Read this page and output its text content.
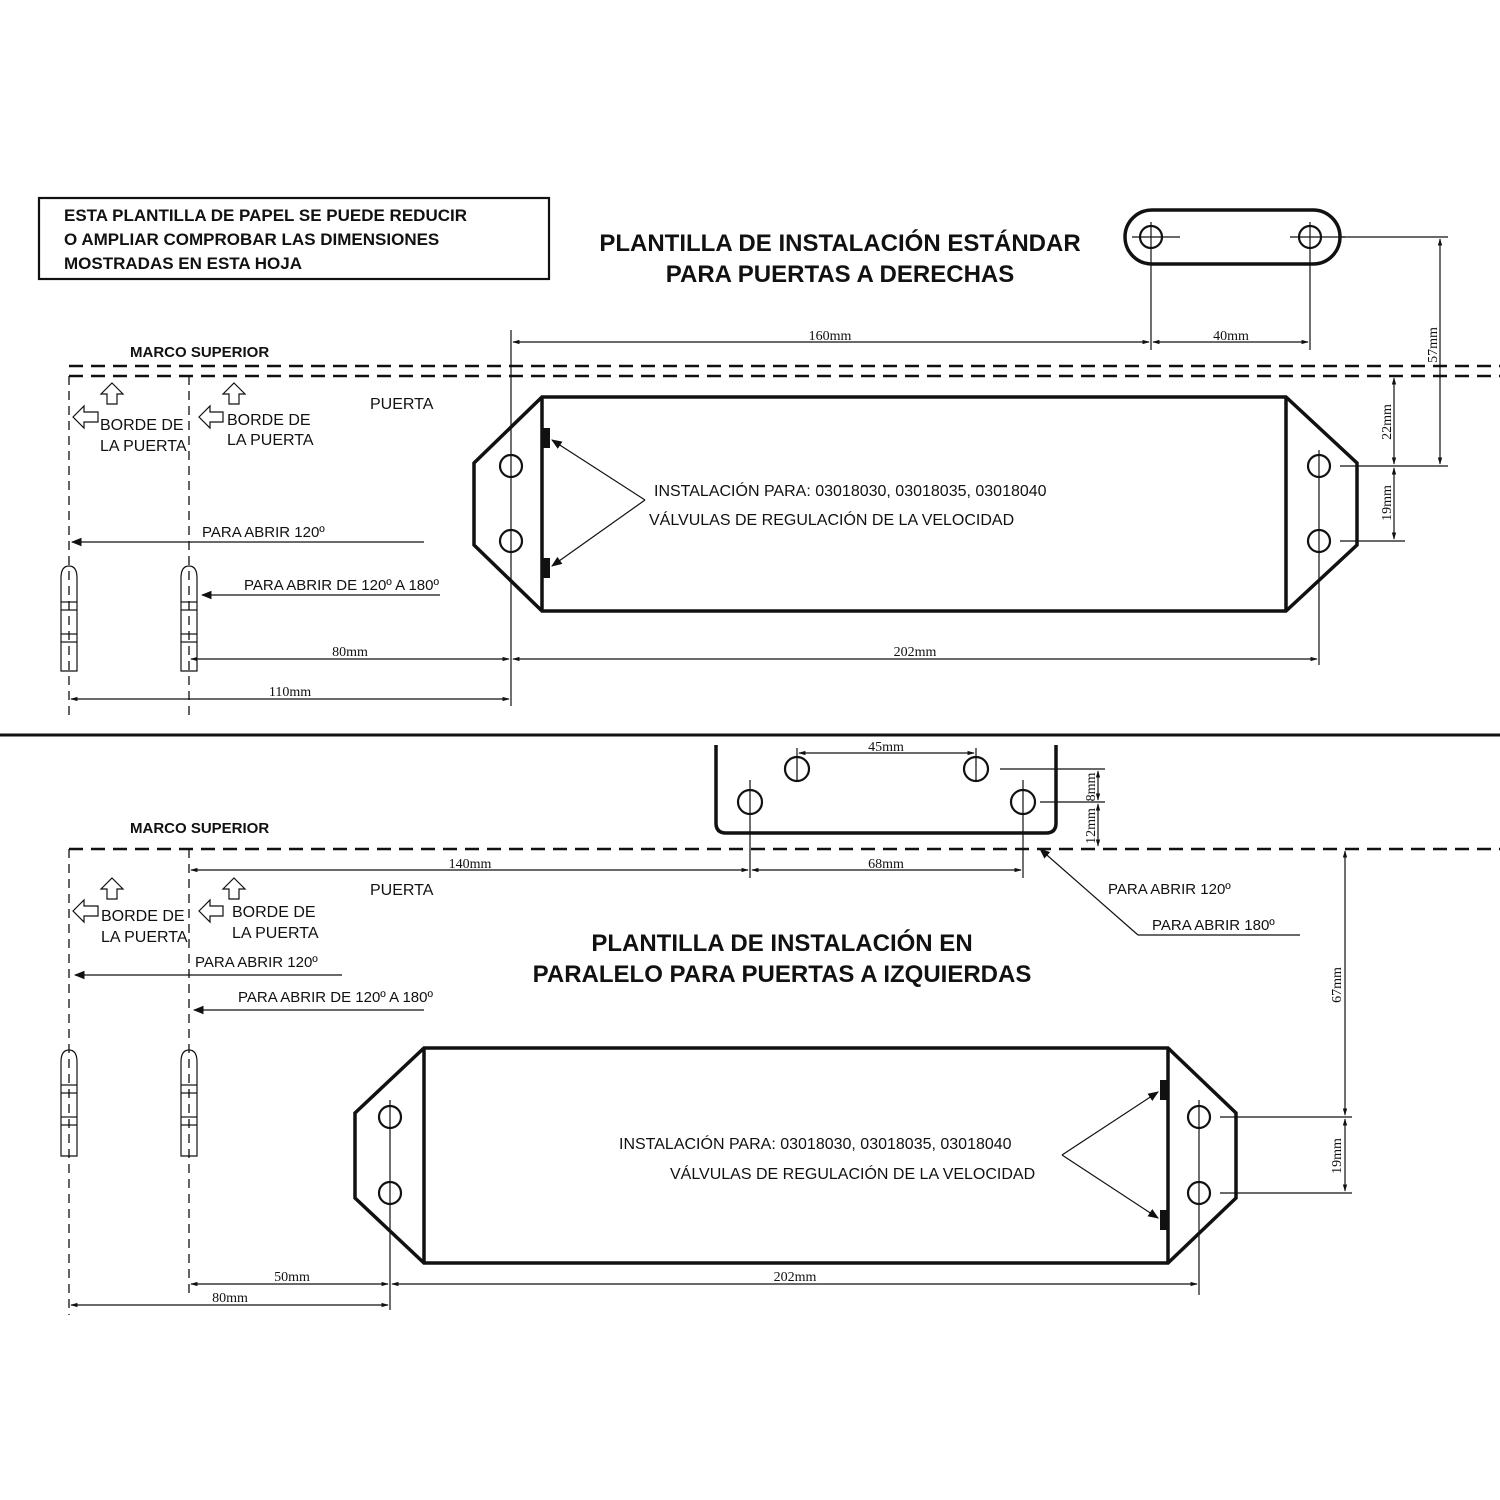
ESTA PLANTILLA DE PAPEL SE PUEDE REDUCIR
O AMPLIAR COMPROBAR LAS DIMENSIONES
MOSTRADAS EN ESTA HOJA
PLANTILLA DE INSTALACIÓN ESTÁNDAR
PARA PUERTAS A DERECHAS
MARCO SUPERIOR
BORDE DE
LA PUERTA
BORDE DE
LA PUERTA
PUERTA
PARA ABRIR 120º
PARA ABRIR DE 120º A 180º
INSTALACIÓN PARA: 03018030, 03018035, 03018040
VÁLVULAS DE REGULACIÓN DE LA VELOCIDAD
160mm	40mm	57mm
22mm
19mm
80mm	202mm
110mm
45mm
8mm
12mm
MARCO SUPERIOR
140mm	68mm
PARA ABRIR 120º
PARA ABRIR 180º
BORDE DE
LA PUERTA
BORDE DE
LA PUERTA
PUERTA
PARA ABRIR 120º
PARA ABRIR DE 120º A 180º
PLANTILLA DE INSTALACIÓN EN
PARALELO PARA PUERTAS A IZQUIERDAS
INSTALACIÓN PARA: 03018030, 03018035, 03018040
VÁLVULAS DE REGULACIÓN DE LA VELOCIDAD
67mm
19mm
50mm	202mm
80mm
